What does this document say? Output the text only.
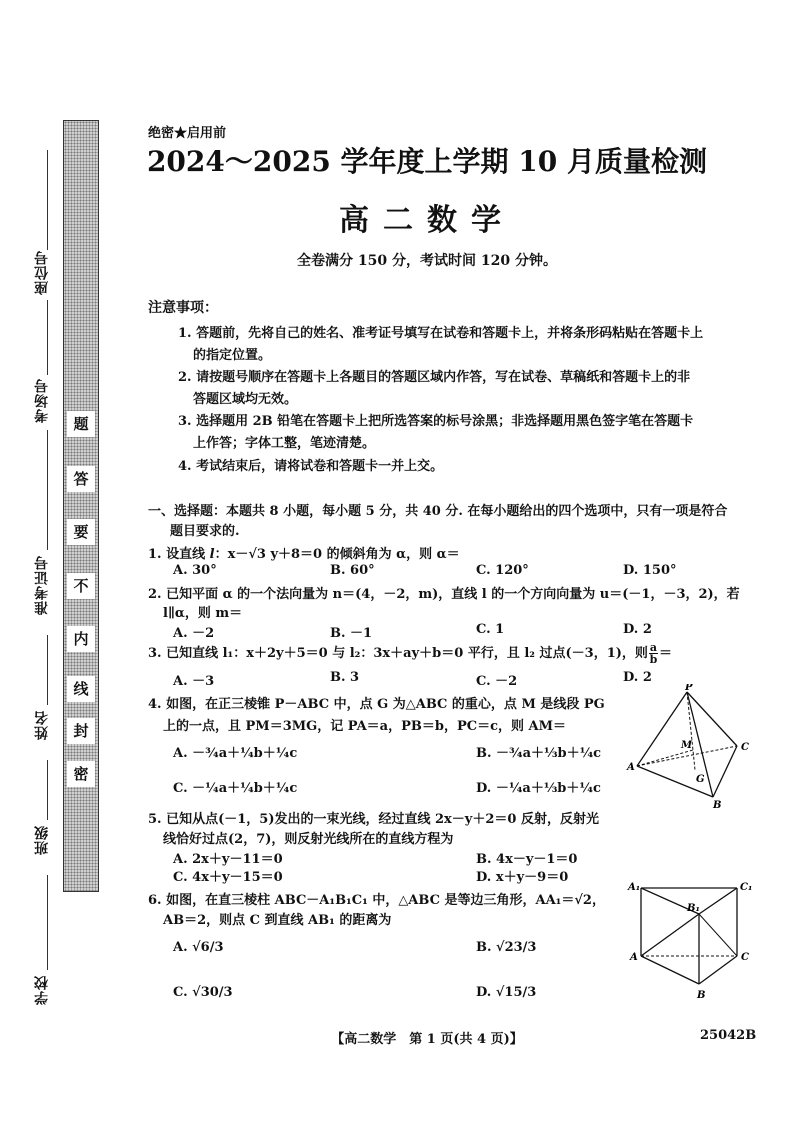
题
答
要
不
内
线
封
密
座位号
考场号
准考证号
姓名
班级
学校
绝密★启用前
2024～2025 学年度上学期 10 月质量检测
高二数学
全卷满分 150 分，考试时间 120 分钟。
注意事项：
1. 答题前，先将自己的姓名、准考证号填写在试卷和答题卡上，并将条形码粘贴在答题卡上
的指定位置。
2. 请按题号顺序在答题卡上各题目的答题区域内作答，写在试卷、草稿纸和答题卡上的非
答题区域均无效。
3. 选择题用 2B 铅笔在答题卡上把所选答案的标号涂黑；非选择题用黑色签字笔在答题卡
上作答；字体工整，笔迹清楚。
4. 考试结束后，请将试卷和答题卡一并上交。
一、选择题：本题共 8 小题，每小题 5 分，共 40 分. 在每小题给出的四个选项中，只有一项是符合
题目要求的.
1. 设直线 l：x－√3 y＋8＝0 的倾斜角为 α，则 α＝
A. 30°	B. 60°	C. 120°	D. 150°
2. 已知平面 α 的一个法向量为 n＝(4，－2，m)，直线 l 的一个方向向量为 u＝(－1，－3，2)，若
l∥α，则 m＝
A. －2	B. －1	C. 1	D. 2
3. 已知直线 l₁：x＋2y＋5＝0 与 l₂：3x＋ay＋b＝0 平行，且 l₂ 过点(－3，1)，则 $\frac{a}{b}$ ＝
A. －3	B. 3	C. －2	D. 2
4. 如图，在正三棱锥 P－ABC 中，点 G 为△ABC 的重心，点 M 是线段 PG
上的一点，且 PM＝3MG，记 PA＝a，PB＝b，PC＝c，则 AM＝
A. －¾a＋¼b＋¼c	B. －¾a＋⅓b＋¼c
C. －¼a＋¼b＋¼c	D. －¼a＋⅓b＋¼c
P
A
B
C
M
G
5. 已知从点(－1，5)发出的一束光线，经过直线 2x－y＋2＝0 反射，反射光
线恰好过点(2，7)，则反射光线所在的直线方程为
A. 2x＋y－11＝0	B. 4x－y－1＝0
C. 4x＋y－15＝0	D. x＋y－9＝0
6. 如图，在直三棱柱 ABC－A₁B₁C₁ 中，△ABC 是等边三角形，AA₁＝√2，
AB＝2，则点 C 到直线 AB₁ 的距离为
A. √6/3	B. √23/3
C. √30/3	D. √15/3
A₁	C₁
B₁
A	C
B
【高二数学　第 1 页(共 4 页)】	25042B
